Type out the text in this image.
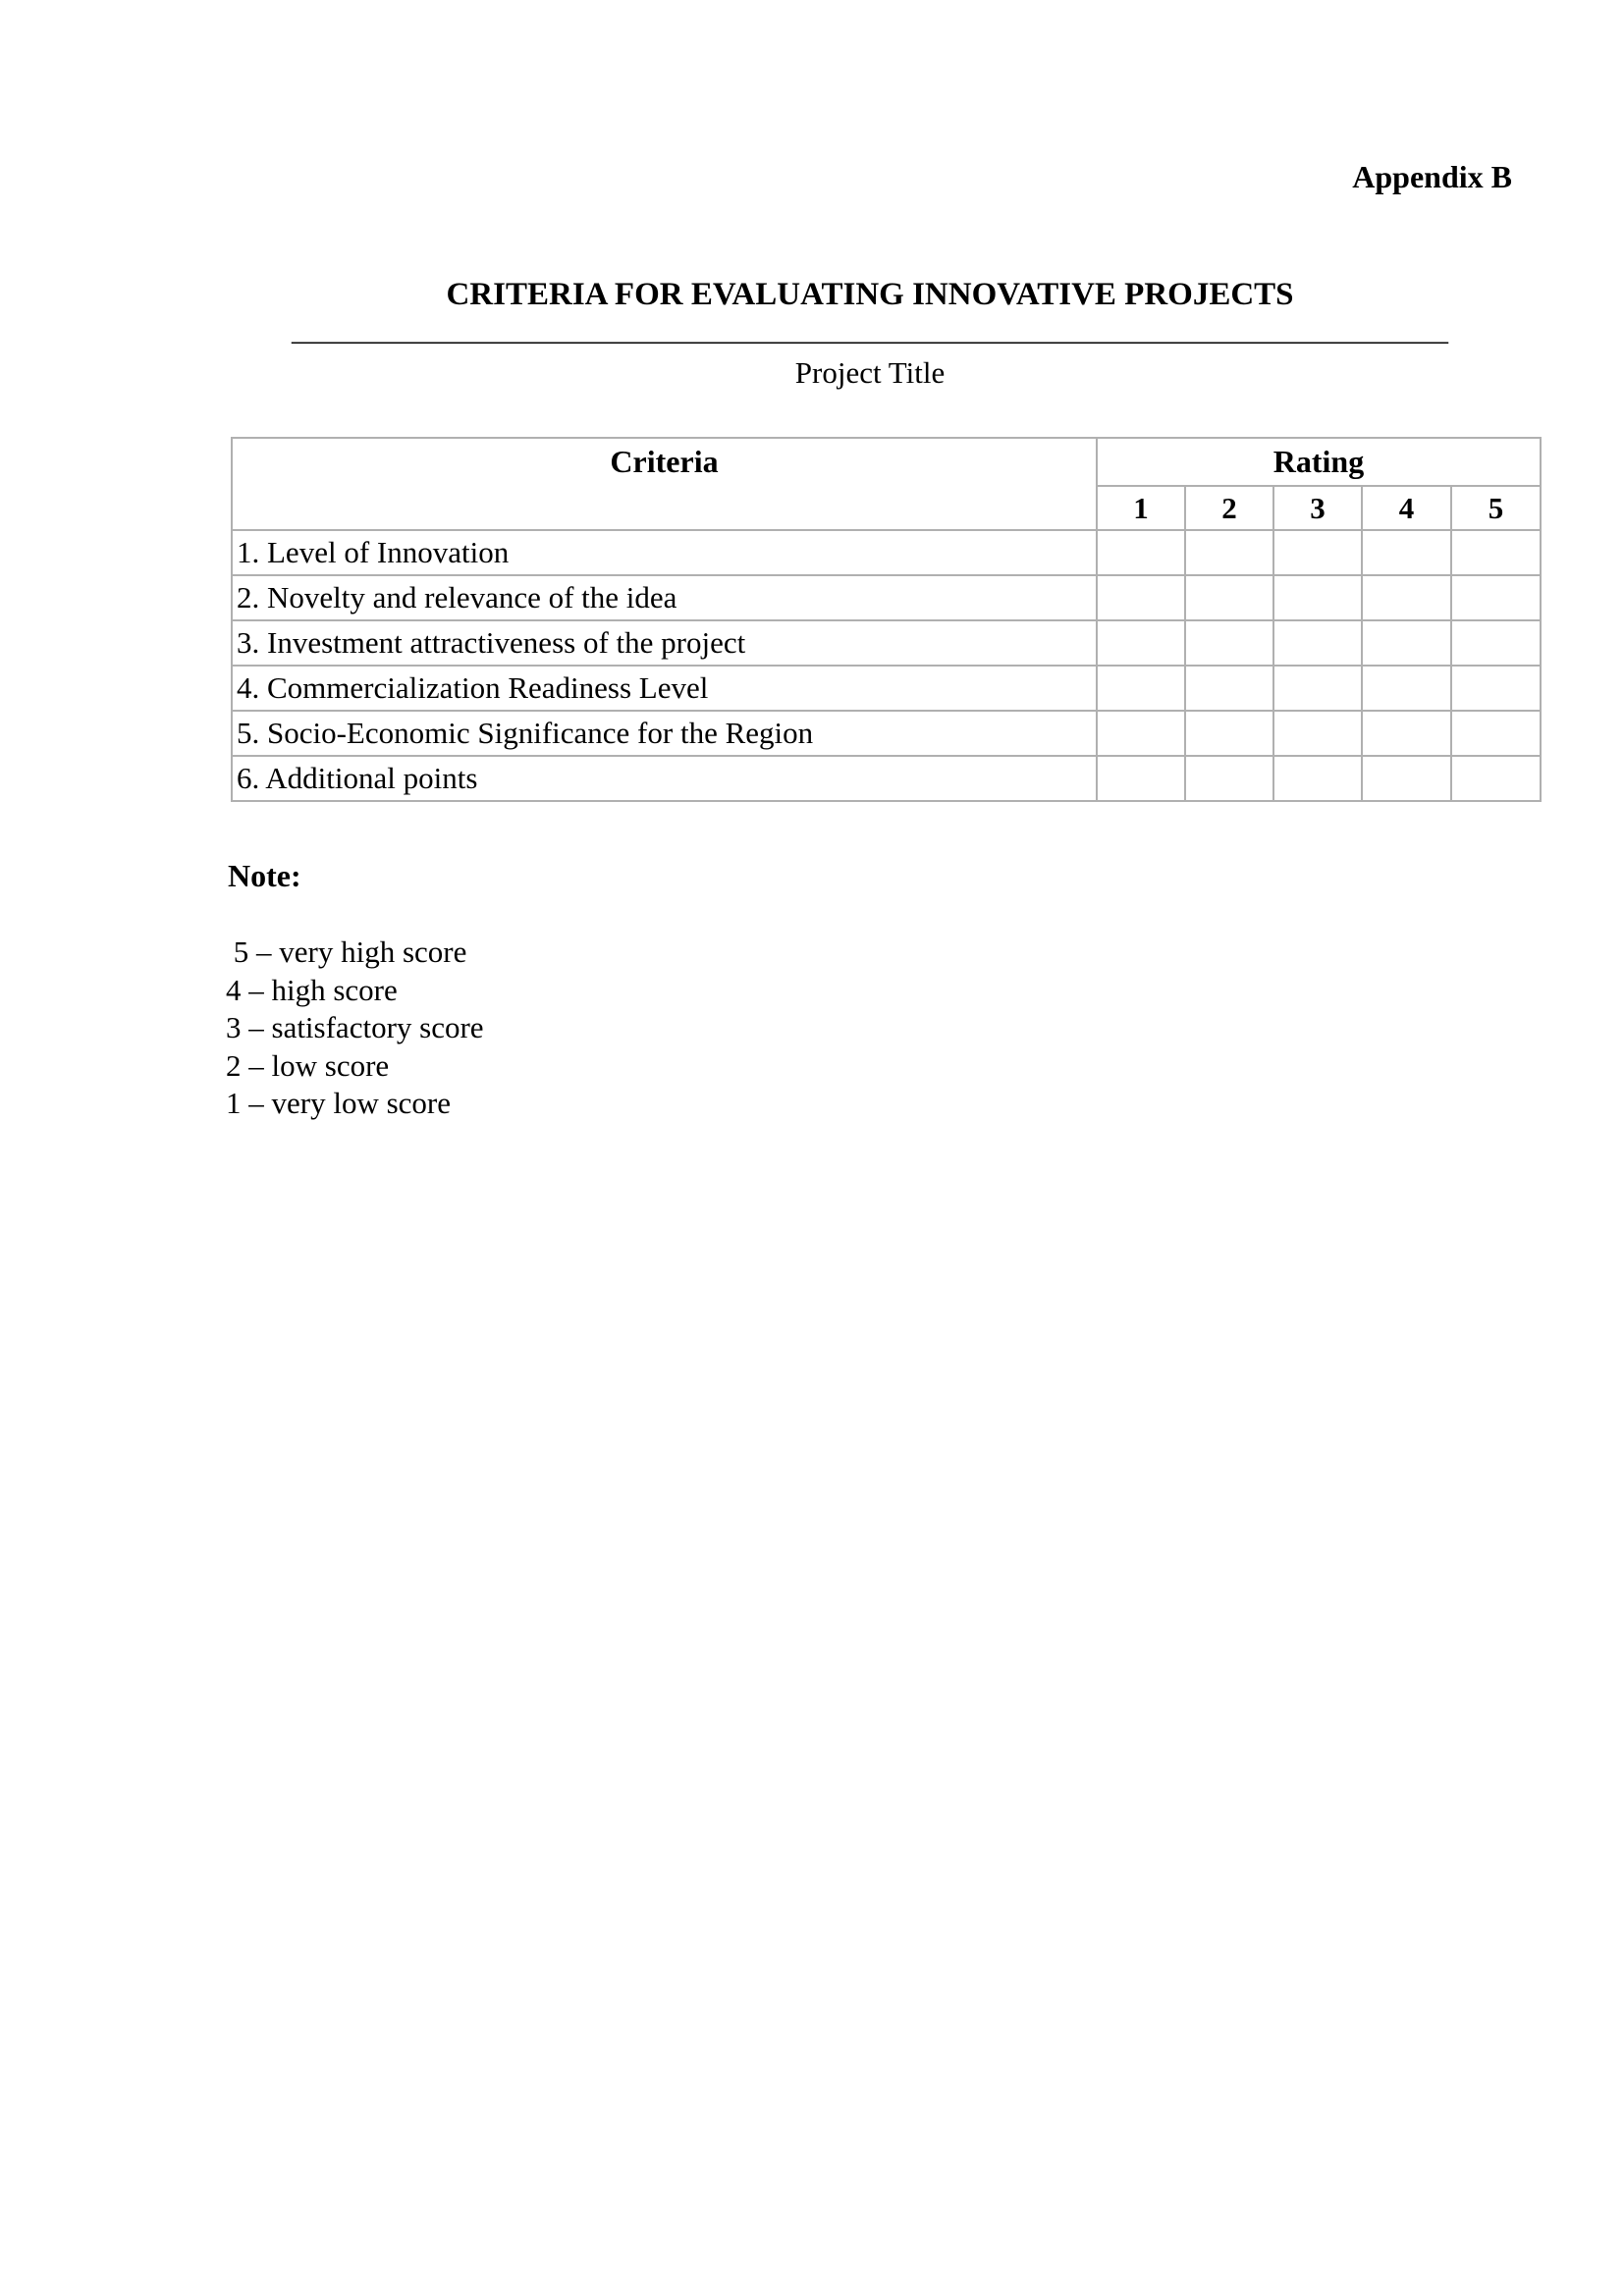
Appendix B
CRITERIA FOR EVALUATING INNOVATIVE PROJECTS
____________________________________________________________________________
Project Title
Criteria	Rating				
	1	2	3	4	5
1. Level of Innovation					
2. Novelty and relevance of the idea					
3. Investment attractiveness of the project					
4. Commercialization Readiness Level					
5. Socio-Economic Significance for the Region					
6. Additional points					
Note:
5 – very high score
4 – high score
3 – satisfactory score
2 – low score
1 – very low score
